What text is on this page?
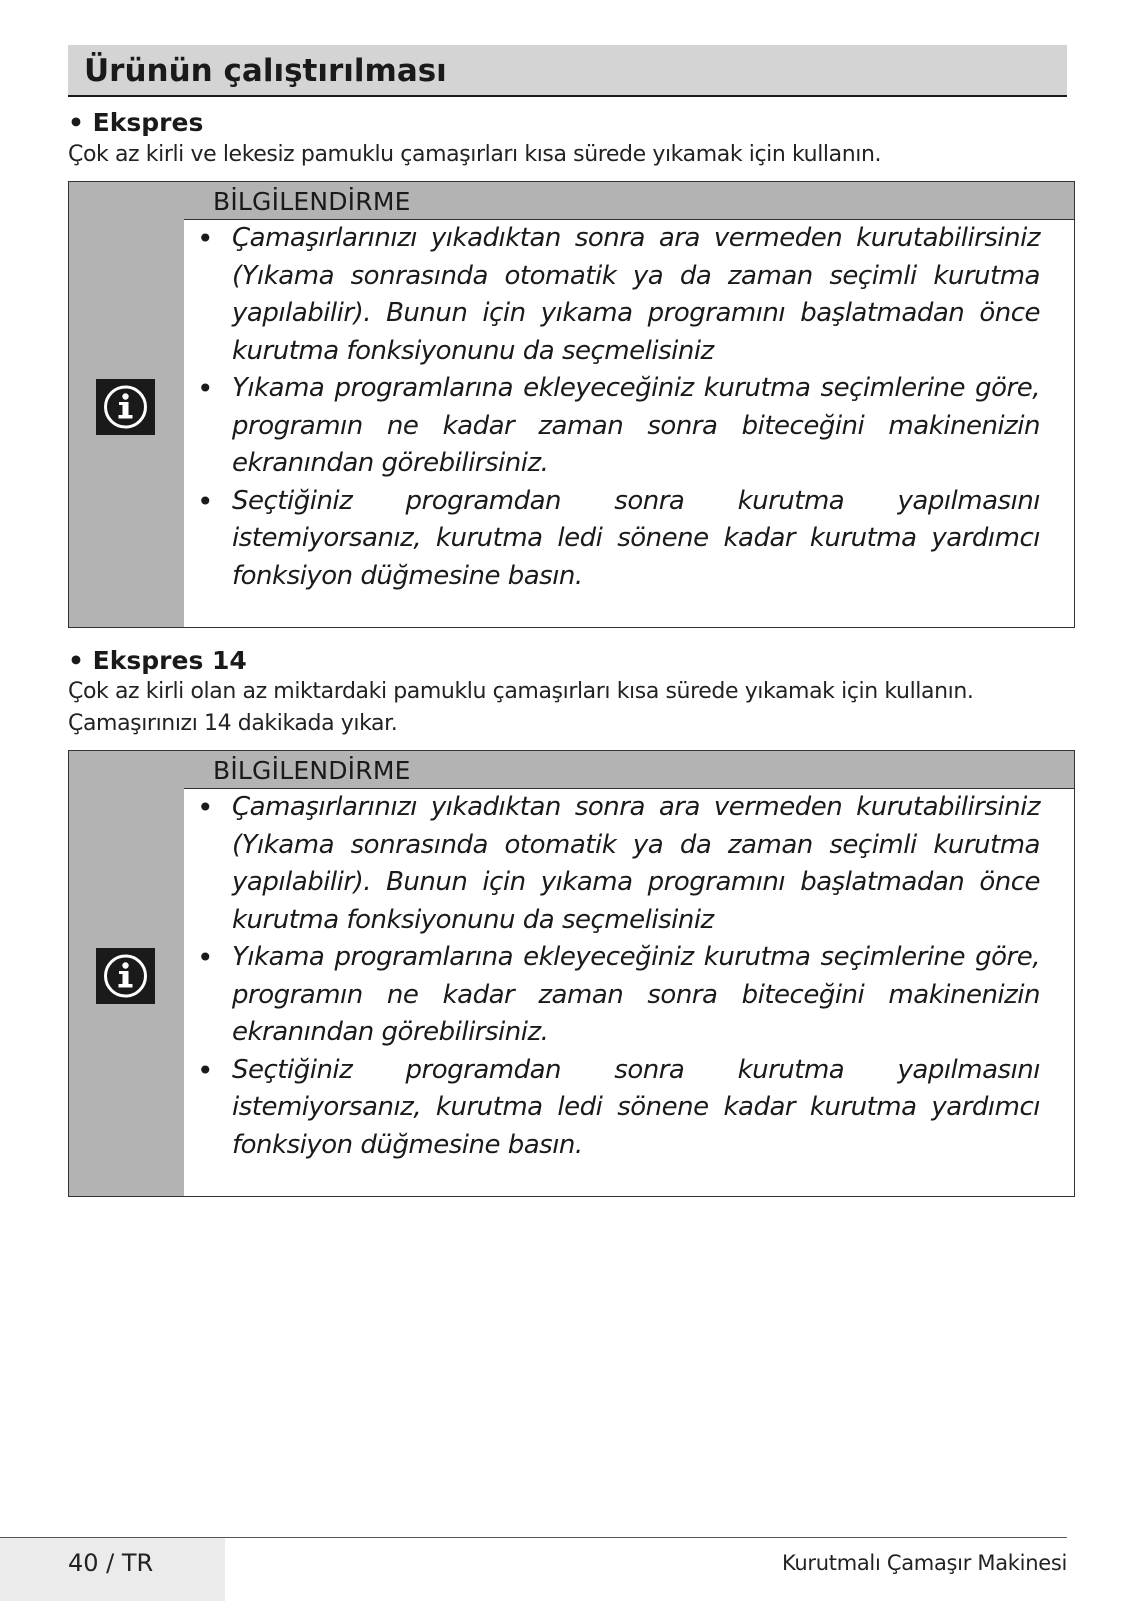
Ürünün çalıştırılması
• Ekspres
Çok az kirli ve lekesiz pamuklu çamaşırları kısa sürede yıkamak için kullanın.
BİLGİLENDİRME
• Çamaşırlarınızı yıkadıktan sonra ara vermeden kurutabilirsiniz (Yıkama sonrasında otomatik ya da zaman seçimli kurutma yapılabilir). Bunun için yıkama programını başlatmadan önce kurutma fonksiyonunu da seçmelisiniz
• Yıkama programlarına ekleyeceğiniz kurutma seçimlerine göre, programın ne kadar zaman sonra biteceğini makinenizin ekranından görebilirsiniz.
• Seçtiğiniz programdan sonra kurutma yapılmasını istemiyorsanız, kurutma ledi sönene kadar kurutma yardımcı fonksiyon düğmesine basın.
• Ekspres 14
Çok az kirli olan az miktardaki pamuklu çamaşırları kısa sürede yıkamak için kullanın.
Çamaşırınızı 14 dakikada yıkar.
BİLGİLENDİRME
• Çamaşırlarınızı yıkadıktan sonra ara vermeden kurutabilirsiniz (Yıkama sonrasında otomatik ya da zaman seçimli kurutma yapılabilir). Bunun için yıkama programını başlatmadan önce kurutma fonksiyonunu da seçmelisiniz
• Yıkama programlarına ekleyeceğiniz kurutma seçimlerine göre, programın ne kadar zaman sonra biteceğini makinenizin ekranından görebilirsiniz.
• Seçtiğiniz programdan sonra kurutma yapılmasını istemiyorsanız, kurutma ledi sönene kadar kurutma yardımcı fonksiyon düğmesine basın.
40 / TR	Kurutmalı Çamaşır Makinesi
